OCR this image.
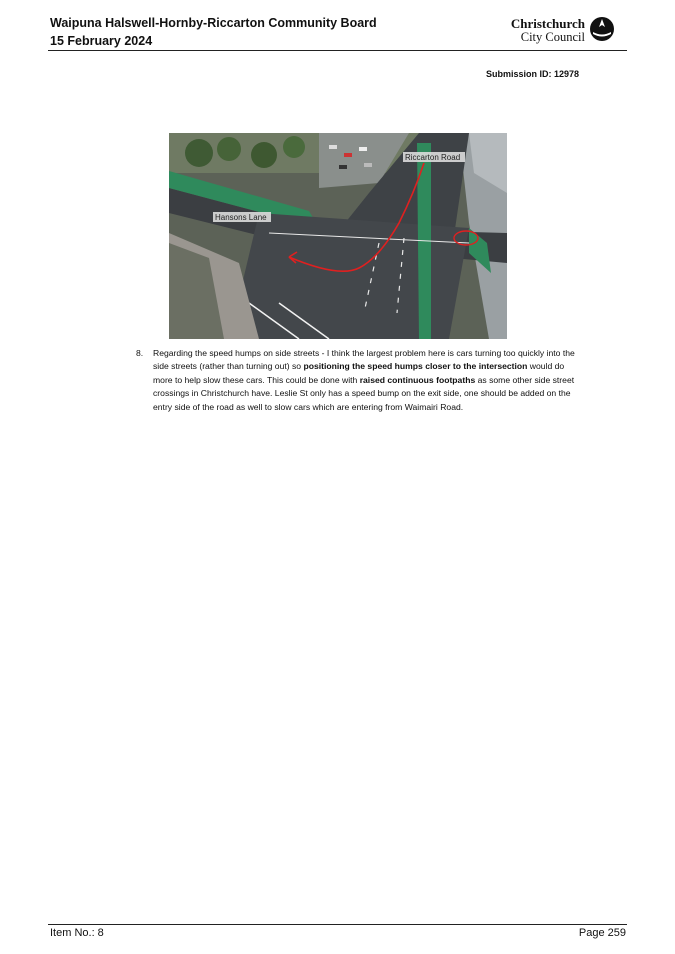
Waipuna Halswell-Hornby-Riccarton Community Board
15 February 2024
Christchurch
City Council
Submission ID: 12978
Riccarton Road
Hansons Lane
8. Regarding the speed humps on side streets - I think the largest problem here is cars turning too quickly into the side streets (rather than turning out) so positioning the speed humps closer to the intersection would do more to help slow these cars. This could be done with raised continuous footpaths as some other side street crossings in Christchurch have. Leslie St only has a speed bump on the exit side, one should be added on the entry side of the road as well to slow cars which are entering from Waimairi Road.
Item No.: 8	Page 259
